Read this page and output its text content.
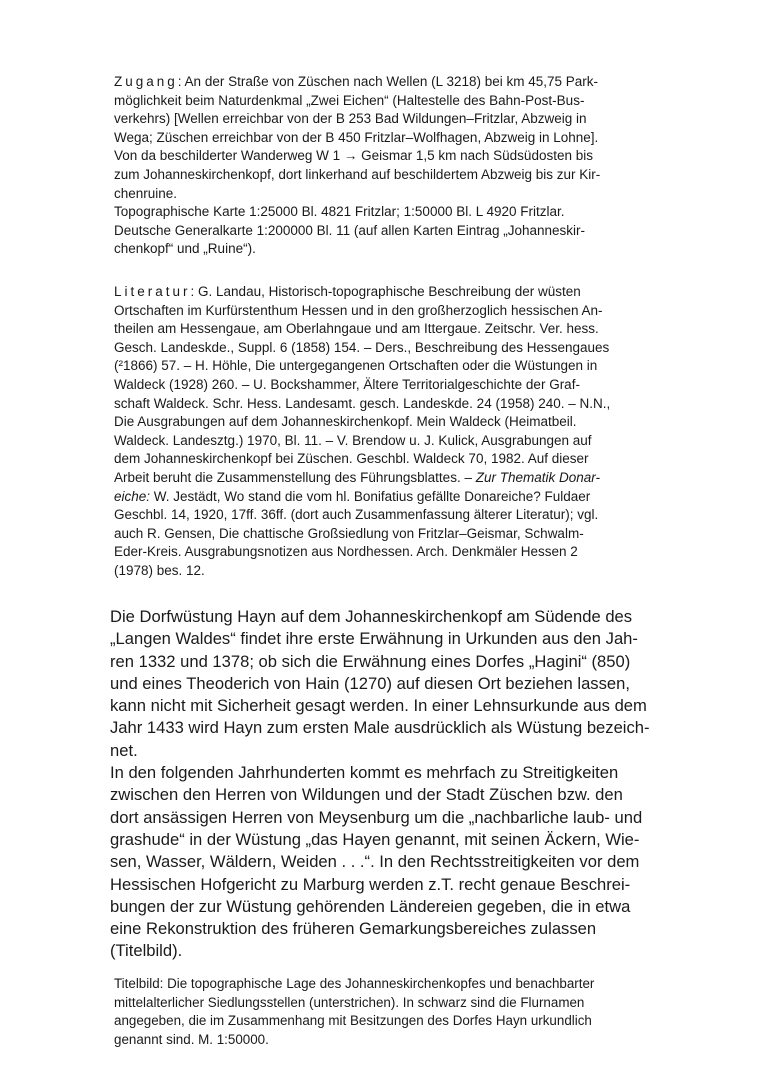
Zugang: An der Straße von Züschen nach Wellen (L 3218) bei km 45,75 Park-

möglichkeit beim Naturdenkmal „Zwei Eichen“ (Haltestelle des Bahn-Post-Bus-

verkehrs) [Wellen erreichbar von der B 253 Bad Wildungen–Fritzlar, Abzweig in

Wega; Züschen erreichbar von der B 450 Fritzlar–Wolfhagen, Abzweig in Lohne].

Von da beschilderter Wanderweg W 1 → Geismar 1,5 km nach Südsüdosten bis

zum Johanneskirchenkopf, dort linkerhand auf beschildertem Abzweig bis zur Kir-

chenruine.

Topographische Karte 1:25000 Bl. 4821 Fritzlar; 1:50000 Bl. L 4920 Fritzlar.

Deutsche Generalkarte 1:200000 Bl. 11 (auf allen Karten Eintrag „Johanneskir-

chenkopf“ und „Ruine“).

Literatur: G. Landau, Historisch-topographische Beschreibung der wüsten

Ortschaften im Kurfürstenthum Hessen und in den großherzoglich hessischen An-

theilen am Hessengaue, am Oberlahngaue und am Ittergaue. Zeitschr. Ver. hess.

Gesch. Landeskde., Suppl. 6 (1858) 154. – Ders., Beschreibung des Hessengaues

(²1866) 57. – H. Höhle, Die untergegangenen Ortschaften oder die Wüstungen in

Waldeck (1928) 260. – U. Bockshammer, Ältere Territorialgeschichte der Graf-

schaft Waldeck. Schr. Hess. Landesamt. gesch. Landeskde. 24 (1958) 240. – N.N.,

Die Ausgrabungen auf dem Johanneskirchenkopf. Mein Waldeck (Heimatbeil.

Waldeck. Landesztg.) 1970, Bl. 11. – V. Brendow u. J. Kulick, Ausgrabungen auf

dem Johanneskirchenkopf bei Züschen. Geschbl. Waldeck 70, 1982. Auf dieser

Arbeit beruht die Zusammenstellung des Führungsblattes. – Zur Thematik Donar-

eiche: W. Jestädt, Wo stand die vom hl. Bonifatius gefällte Donareiche? Fuldaer

Geschbl. 14, 1920, 17ff. 36ff. (dort auch Zusammenfassung älterer Literatur); vgl.

auch R. Gensen, Die chattische Großsiedlung von Fritzlar–Geismar, Schwalm-

Eder-Kreis. Ausgrabungsnotizen aus Nordhessen. Arch. Denkmäler Hessen 2

(1978) bes. 12.

Die Dorfwüstung Hayn auf dem Johanneskirchenkopf am Südende des

„Langen Waldes“ findet ihre erste Erwähnung in Urkunden aus den Jah-

ren 1332 und 1378; ob sich die Erwähnung eines Dorfes „Hagini“ (850)

und eines Theoderich von Hain (1270) auf diesen Ort beziehen lassen,

kann nicht mit Sicherheit gesagt werden. In einer Lehnsurkunde aus dem

Jahr 1433 wird Hayn zum ersten Male ausdrücklich als Wüstung bezeich-

net.

In den folgenden Jahrhunderten kommt es mehrfach zu Streitigkeiten

zwischen den Herren von Wildungen und der Stadt Züschen bzw. den

dort ansässigen Herren von Meysenburg um die „nachbarliche laub- und

grashude“ in der Wüstung „das Hayen genannt, mit seinen Äckern, Wie-

sen, Wasser, Wäldern, Weiden . . .“. In den Rechtsstreitigkeiten vor dem

Hessischen Hofgericht zu Marburg werden z.T. recht genaue Beschrei-

bungen der zur Wüstung gehörenden Ländereien gegeben, die in etwa

eine Rekonstruktion des früheren Gemarkungsbereiches zulassen

(Titelbild).

Titelbild: Die topographische Lage des Johanneskirchenkopfes und benachbarter

mittelalterlicher Siedlungsstellen (unterstrichen). In schwarz sind die Flurnamen

angegeben, die im Zusammenhang mit Besitzungen des Dorfes Hayn urkundlich

genannt sind. M. 1:50000.
